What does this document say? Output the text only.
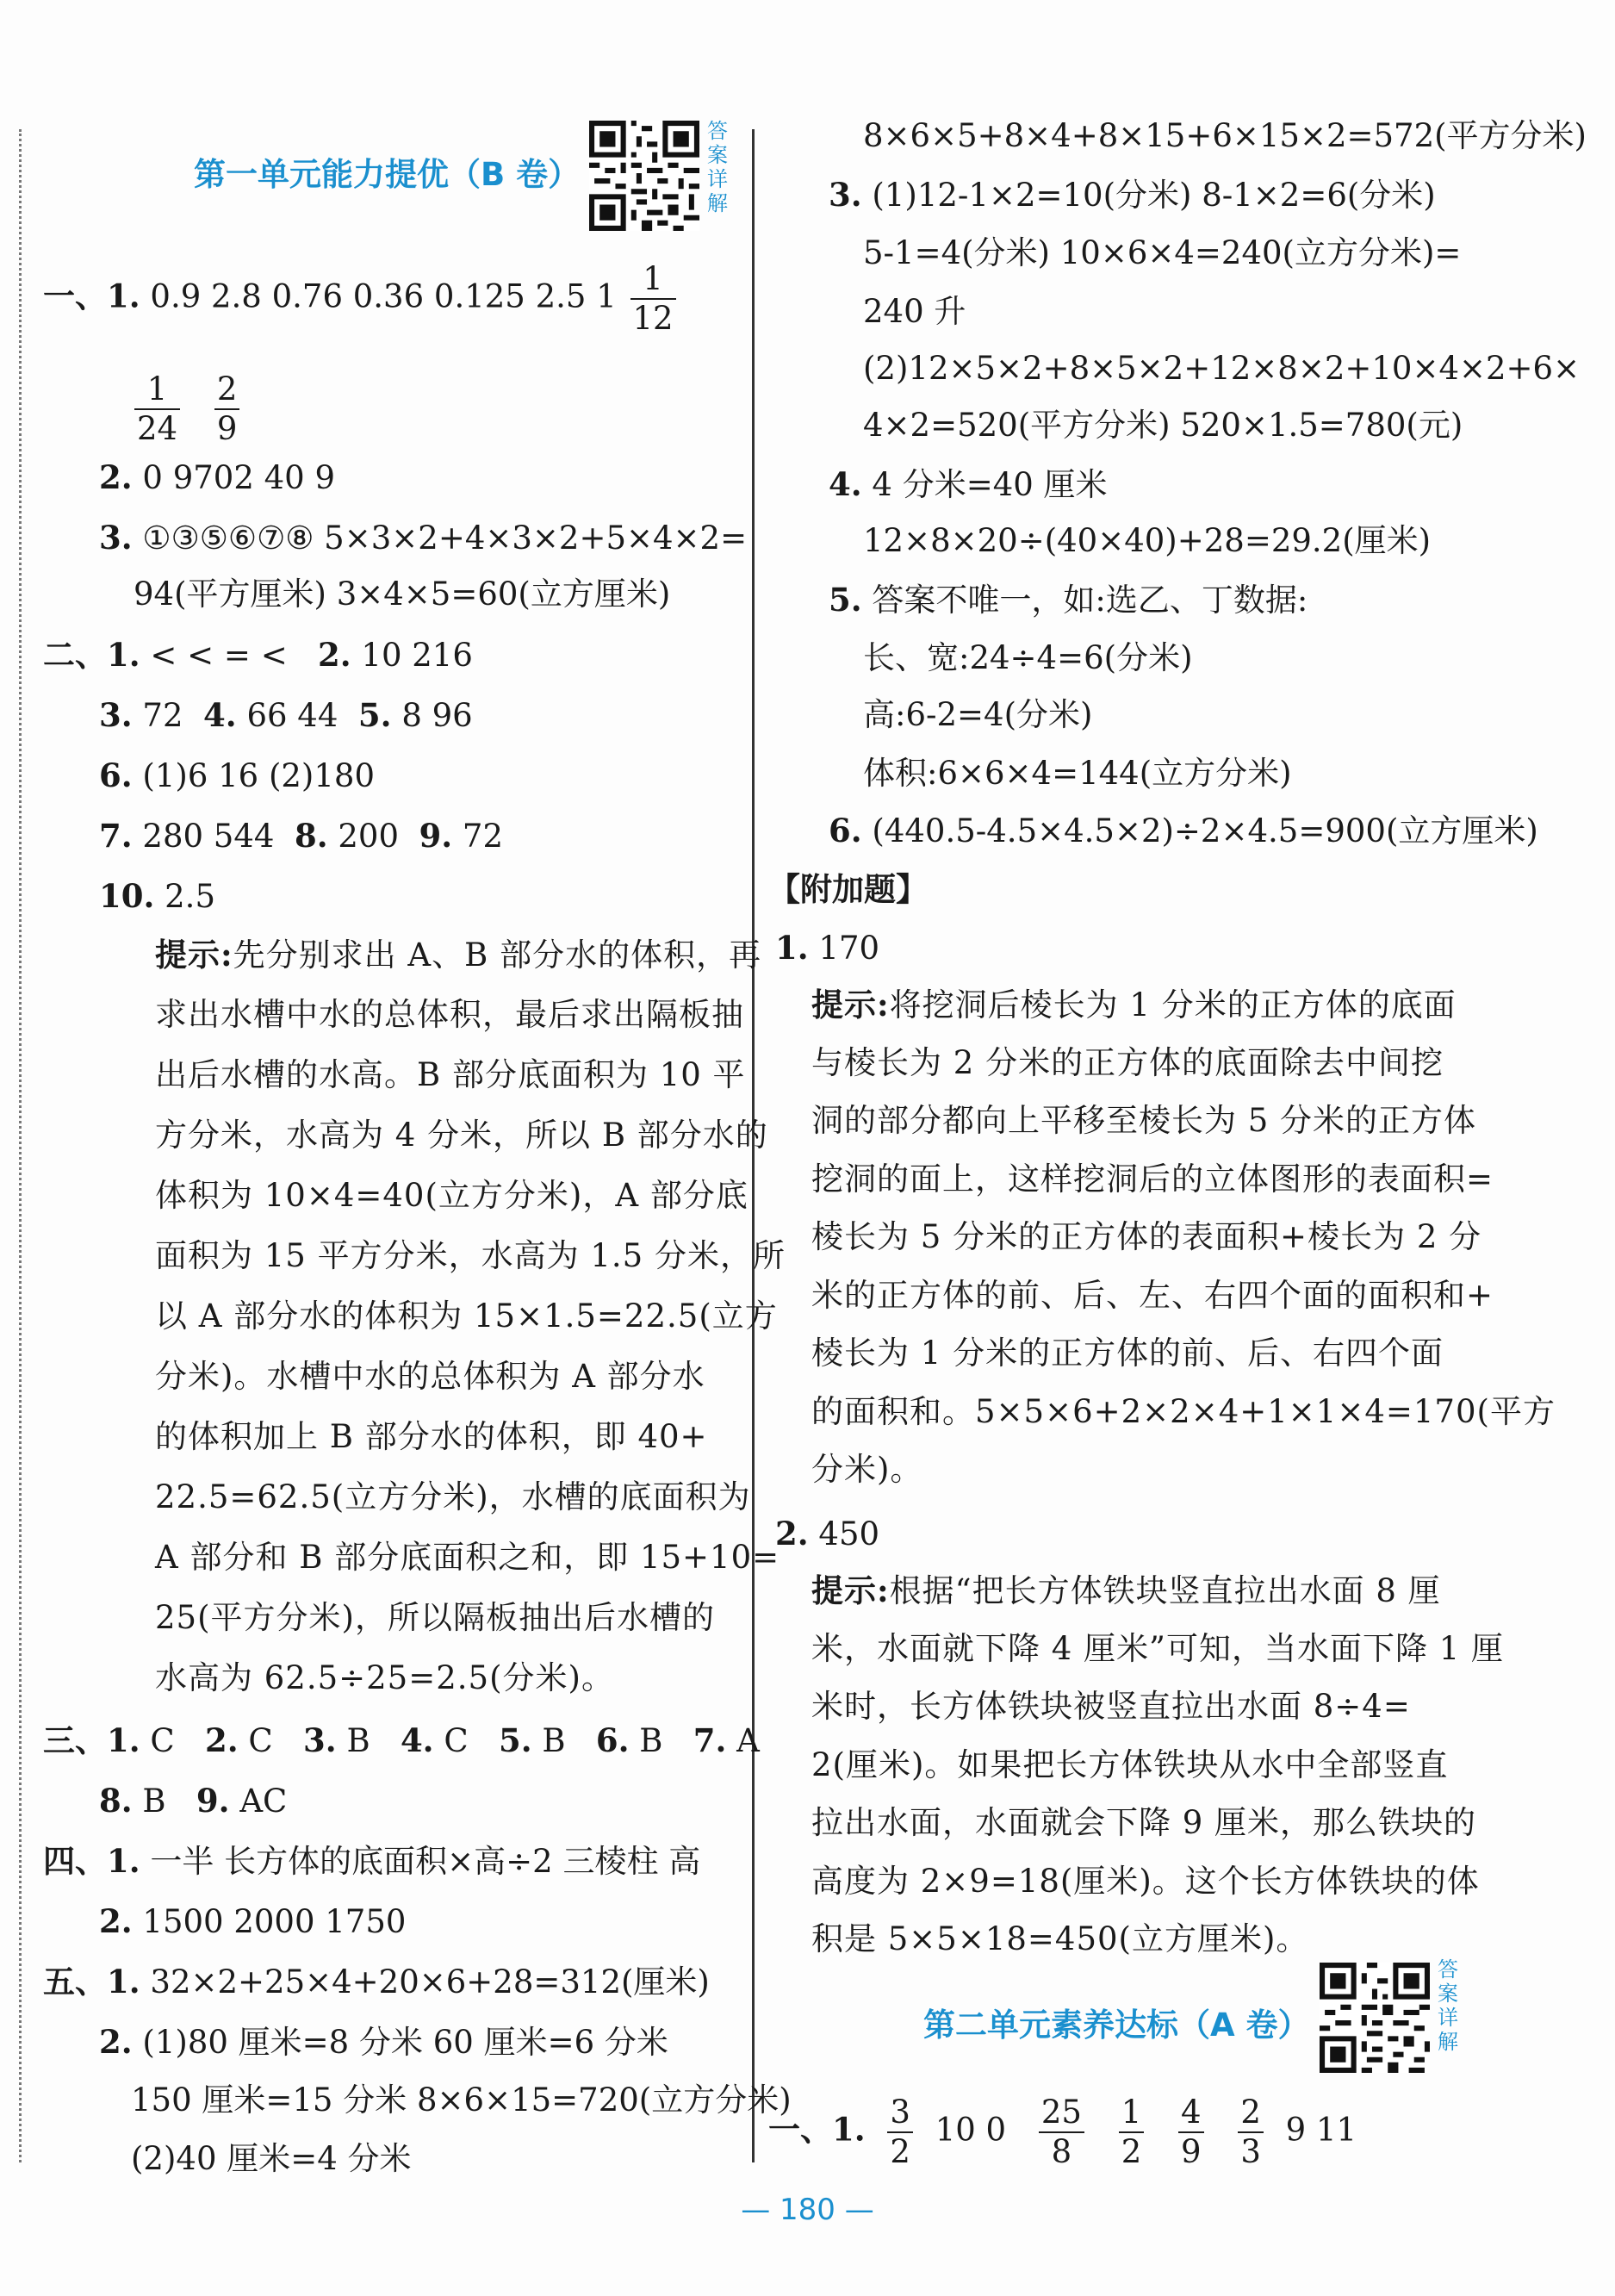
第一单元能力提优（B 卷）
答案详解
一、1. 0.9 2.8 0.76 0.36 0.125 2.5 $1 \frac{1}{12}$
$\frac{1}{24}$
$\frac{2}{9}$
2. 0 9702 40 9
3. ①③⑤⑥⑦⑧ 5×3×2+4×3×2+5×4×2=
94(平方厘米) 3×4×5=60(立方厘米)
二、1. < < = < 2. 10 216
3. 72 4. 66 44 5. 8 96
6. (1)6 16 (2)180
7. 280 544 8. 200 9. 72
10. 2.5
提示:先分别求出 A、B 部分水的体积，再
求出水槽中水的总体积，最后求出隔板抽
出后水槽的水高。B 部分底面积为 10 平
方分米，水高为 4 分米，所以 B 部分水的
体积为 10×4=40(立方分米)，A 部分底
面积为 15 平方分米，水高为 1.5 分米，所
以 A 部分水的体积为 15×1.5=22.5(立方
分米)。水槽中水的总体积为 A 部分水
的体积加上 B 部分水的体积，即 40+
22.5=62.5(立方分米)，水槽的底面积为
A 部分和 B 部分底面积之和，即 15+10=
25(平方分米)，所以隔板抽出后水槽的
水高为 62.5÷25=2.5(分米)。
三、1. C 2. C 3. B 4. C 5. B 6. B 7. A
8. B 9. AC
四、1. 一半 长方体的底面积×高÷2 三棱柱 高
2. 1500 2000 1750
五、1. 32×2+25×4+20×6+28=312(厘米)
2. (1)80 厘米=8 分米 60 厘米=6 分米
150 厘米=15 分米 8×6×15=720(立方分米)
(2)40 厘米=4 分米
8×6×5+8×4+8×15+6×15×2=572(平方分米)
3. (1)12-1×2=10(分米) 8-1×2=6(分米)
5-1=4(分米) 10×6×4=240(立方分米)=
240 升
(2)12×5×2+8×5×2+12×8×2+10×4×2+6×
4×2=520(平方分米) 520×1.5=780(元)
4. 4 分米=40 厘米
12×8×20÷(40×40)+28=29.2(厘米)
5. 答案不唯一，如:选乙、丁数据:
长、宽:24÷4=6(分米)
高:6-2=4(分米)
体积:6×6×4=144(立方分米)
6. (440.5-4.5×4.5×2)÷2×4.5=900(立方厘米)
【附加题】
1. 170
提示:将挖洞后棱长为 1 分米的正方体的底面
与棱长为 2 分米的正方体的底面除去中间挖
洞的部分都向上平移至棱长为 5 分米的正方体
挖洞的面上，这样挖洞后的立体图形的表面积=
棱长为 5 分米的正方体的表面积+棱长为 2 分
米的正方体的前、后、左、右四个面的面积和+
棱长为 1 分米的正方体的前、后、右四个面
的面积和。5×5×6+2×2×4+1×1×4=170(平方
分米)。
2. 450
提示:根据“把长方体铁块竖直拉出水面 8 厘
米，水面就下降 4 厘米”可知，当水面下降 1 厘
米时，长方体铁块被竖直拉出水面 8÷4=
2(厘米)。如果把长方体铁块从水中全部竖直
拉出水面，水面就会下降 9 厘米，那么铁块的
高度为 2×9=18(厘米)。这个长方体铁块的体
积是 5×5×18=450(立方厘米)。
第二单元素养达标（A 卷）
答案详解
一、1. $\frac{3}{2} 10$ $0 \frac{25}{8}$
$\frac{1}{2}$
$\frac{4}{9}$
$\frac{2}{3} 9$ 11
— 180 —
